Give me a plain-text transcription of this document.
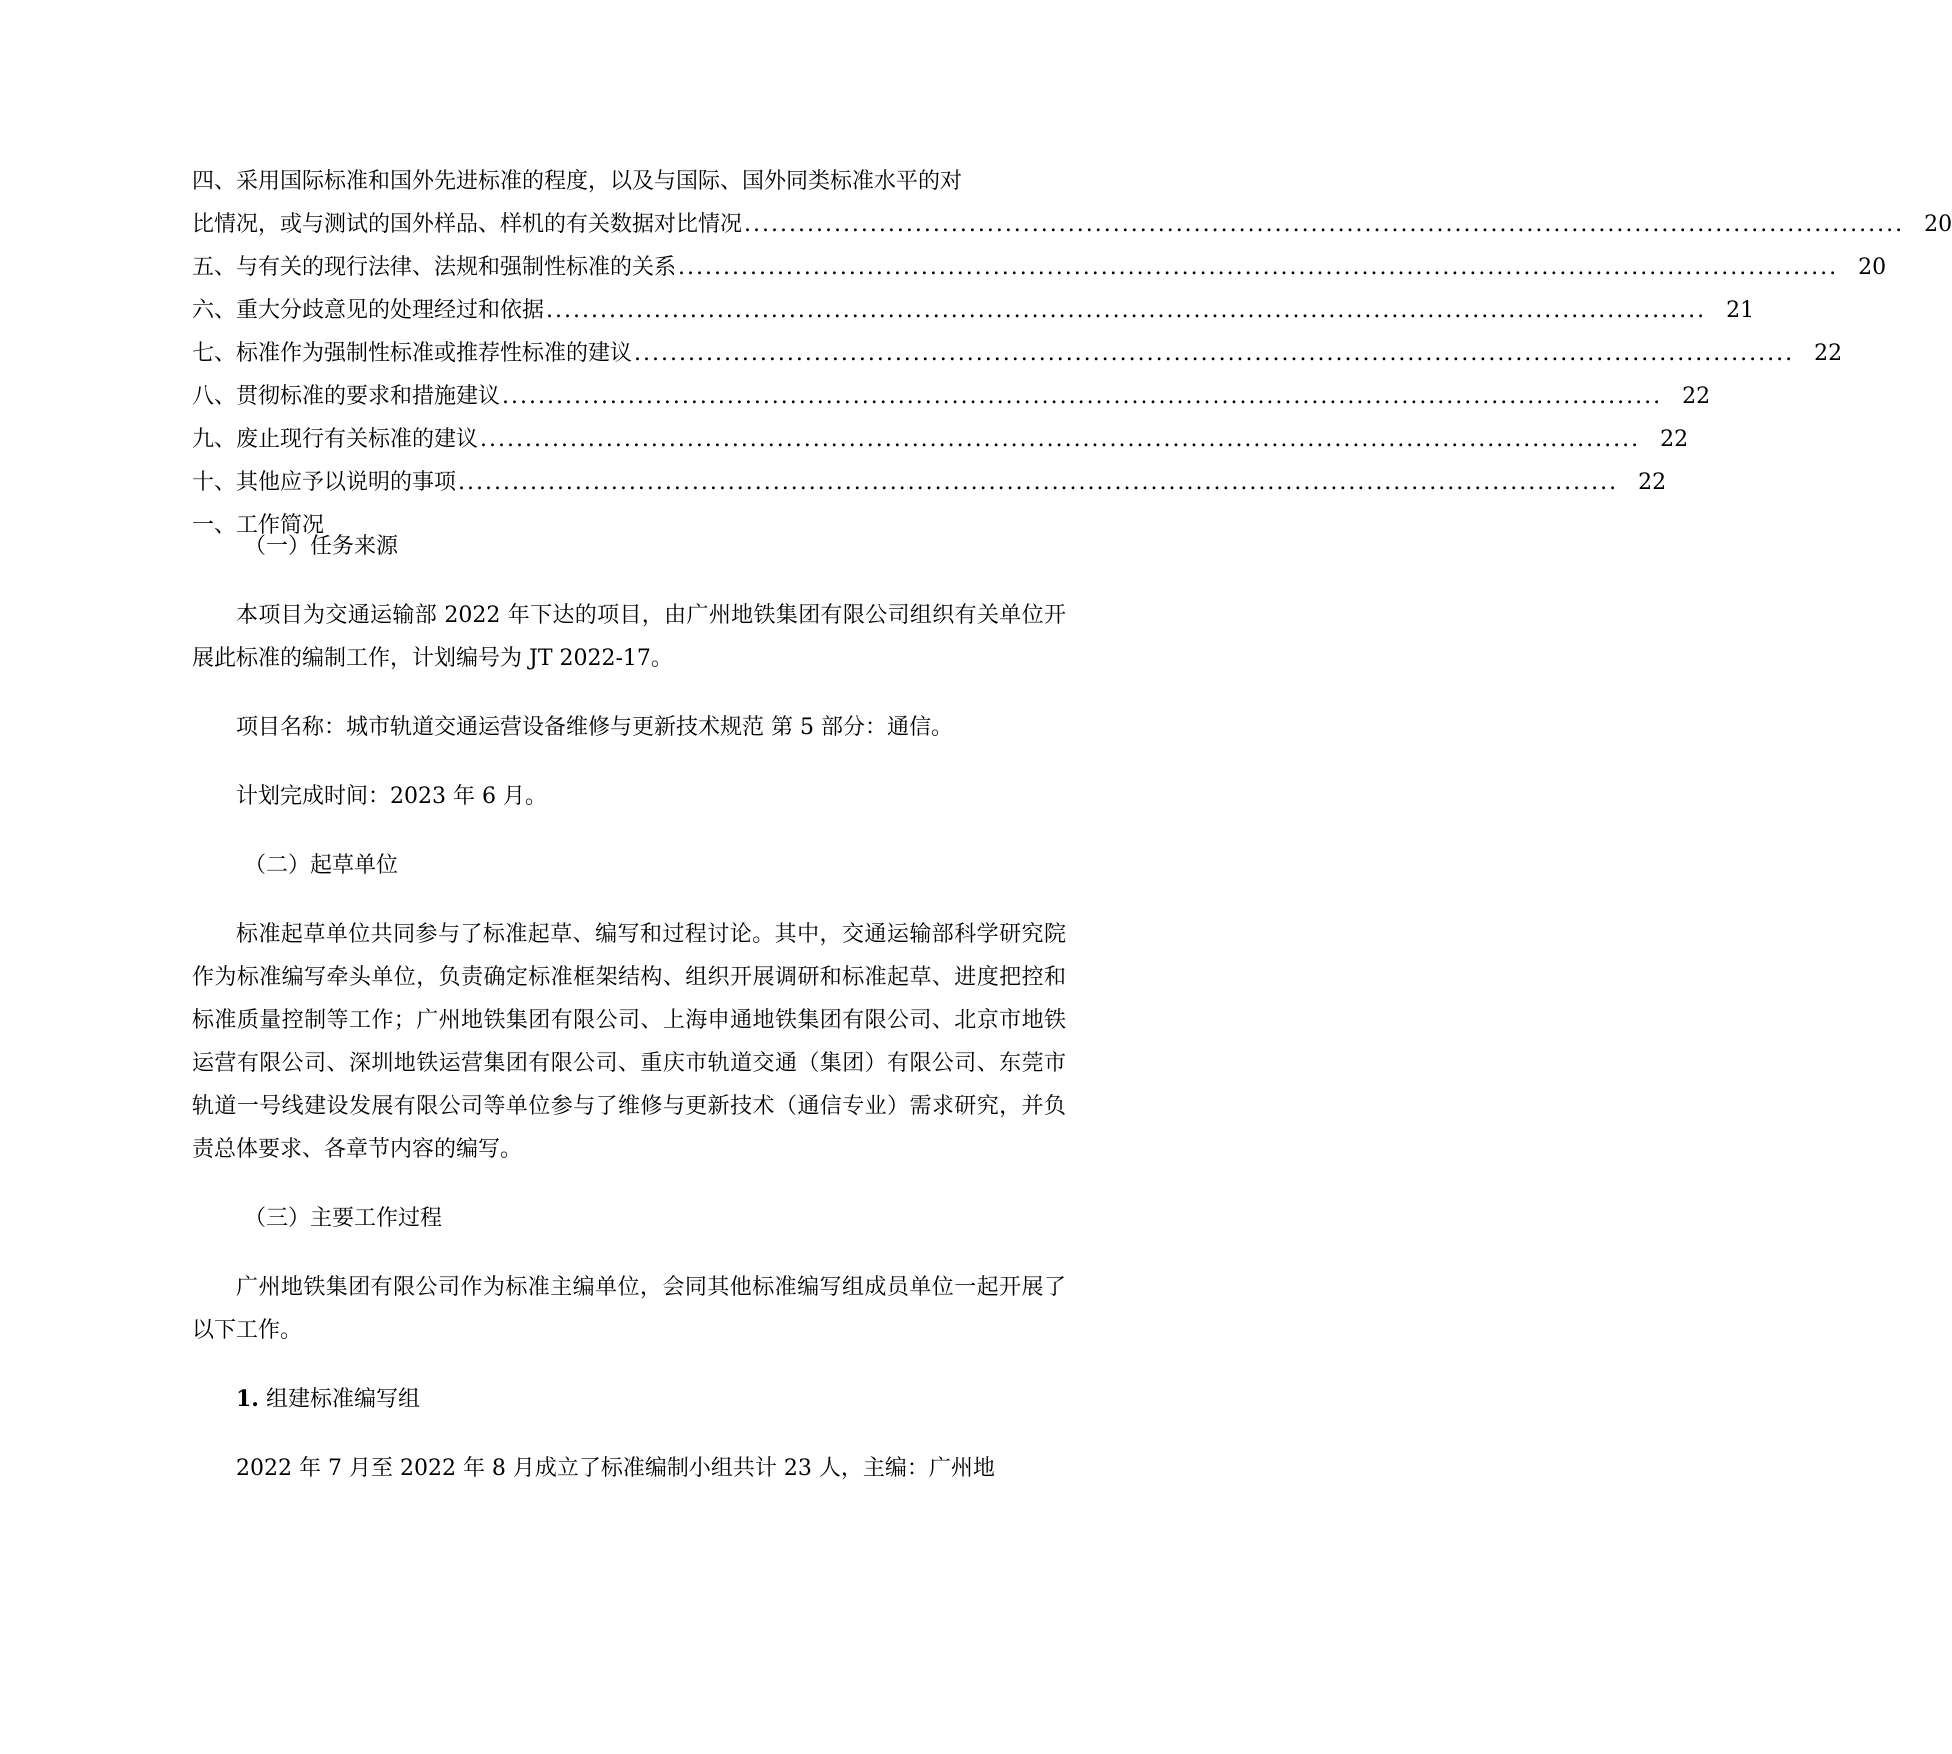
四、采用国际标准和国外先进标准的程度，以及与国际、国外同类标准水平的对
比情况，或与测试的国外样品、样机的有关数据对比情况 ................................................................................................................................. 20
五、与有关的现行法律、法规和强制性标准的关系 ................................................................................................................................. 20
六、重大分歧意见的处理经过和依据 ................................................................................................................................. 21
七、标准作为强制性标准或推荐性标准的建议 ................................................................................................................................. 22
八、贯彻标准的要求和措施建议 ................................................................................................................................. 22
九、废止现行有关标准的建议 ................................................................................................................................. 22
十、其他应予以说明的事项 ................................................................................................................................. 22
一、工作简况
（一）任务来源
本项目为交通运输部 2022 年下达的项目，由广州地铁集团有限公司组织有关单位开展此标准的编制工作，计划编号为 JT 2022-17。
项目名称：城市轨道交通运营设备维修与更新技术规范 第 5 部分：通信。
计划完成时间：2023 年 6 月。
（二）起草单位
标准起草单位共同参与了标准起草、编写和过程讨论。其中，交通运输部科学研究院作为标准编写牵头单位，负责确定标准框架结构、组织开展调研和标准起草、进度把控和标准质量控制等工作；广州地铁集团有限公司、上海申通地铁集团有限公司、北京市地铁运营有限公司、深圳地铁运营集团有限公司、重庆市轨道交通（集团）有限公司、东莞市轨道一号线建设发展有限公司等单位参与了维修与更新技术（通信专业）需求研究，并负责总体要求、各章节内容的编写。
（三）主要工作过程
广州地铁集团有限公司作为标准主编单位，会同其他标准编写组成员单位一起开展了以下工作。
1. 组建标准编写组
2022 年 7 月至 2022 年 8 月成立了标准编制小组共计 23 人，主编：广州地
